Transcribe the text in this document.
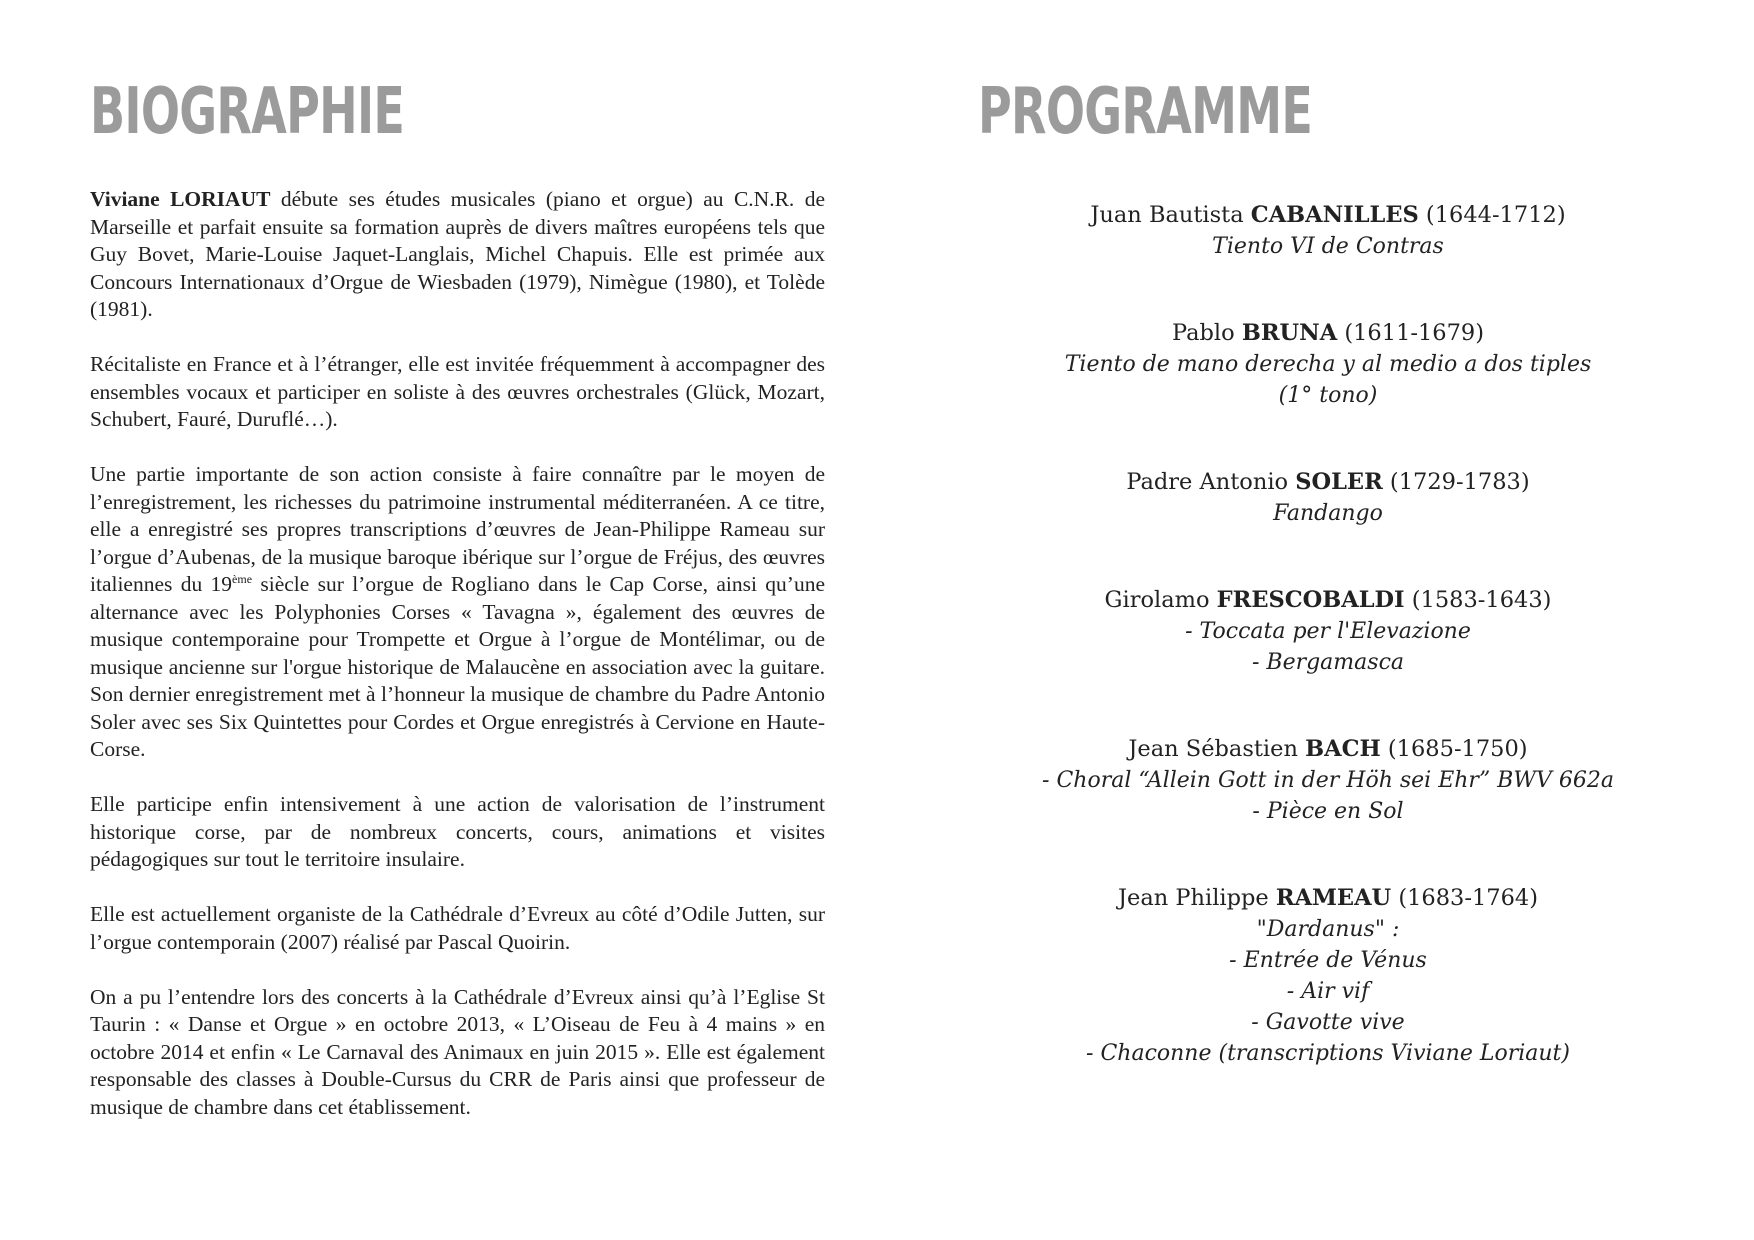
BIOGRAPHIE

Viviane LORIAUT débute ses études musicales (piano et orgue) au C.N.R. de Marseille et parfait ensuite sa formation auprès de divers maîtres européens tels que Guy Bovet, Marie-Louise Jaquet-Langlais, Michel Chapuis. Elle est primée aux Concours Internationaux d’Orgue de Wiesbaden (1979), Nimègue (1980), et Tolède (1981).

Récitaliste en France et à l’étranger, elle est invitée fréquemment à accompagner des ensembles vocaux et participer en soliste à des œuvres orchestrales (Glück, Mozart, Schubert, Fauré, Duruflé…).

Une partie importante de son action consiste à faire connaître par le moyen de l’enregistrement, les richesses du patrimoine instrumental méditerranéen. A ce titre, elle a enregistré ses propres transcriptions d’œuvres de Jean-Philippe Rameau sur l’orgue d’Aubenas, de la musique baroque ibérique sur l’orgue de Fréjus, des œuvres italiennes du 19ème siècle sur l’orgue de Rogliano dans le Cap Corse, ainsi qu’une alternance avec les Polyphonies Corses « Tavagna », également des œuvres de musique contemporaine pour Trompette et Orgue à l’orgue de Montélimar, ou de musique ancienne sur l'orgue historique de Malaucène en association avec la guitare. Son dernier enregistrement met à l’honneur la musique de chambre du Padre Antonio Soler avec ses Six Quintettes pour Cordes et Orgue enregistrés à Cervione en Haute-Corse.

Elle participe enfin intensivement à une action de valorisation de l’instrument historique corse, par de nombreux concerts, cours, animations et visites pédagogiques sur tout le territoire insulaire.

Elle est actuellement organiste de la Cathédrale d’Evreux au côté d’Odile Jutten, sur l’orgue contemporain (2007) réalisé par Pascal Quoirin.

On a pu l’entendre lors des concerts à la Cathédrale d’Evreux ainsi qu’à l’Eglise St Taurin : « Danse et Orgue » en octobre 2013, « L’Oiseau de Feu à 4 mains » en octobre 2014 et enfin « Le Carnaval des Animaux en juin 2015 ». Elle est également responsable des classes à Double-Cursus du CRR de Paris ainsi que professeur de musique de chambre dans cet établissement.

PROGRAMME
Juan Bautista CABANILLES (1644-1712)
Tiento VI de Contras
Pablo BRUNA (1611-1679)
Tiento de mano derecha y al medio a dos tiples
(1° tono)
Padre Antonio SOLER (1729-1783)
Fandango
Girolamo FRESCOBALDI (1583-1643)
- Toccata per l'Elevazione
- Bergamasca
Jean Sébastien BACH (1685-1750)
- Choral “Allein Gott in der Höh sei Ehr” BWV 662a
- Pièce en Sol
Jean Philippe RAMEAU (1683-1764)
"Dardanus" :
- Entrée de Vénus
- Air vif
- Gavotte vive
- Chaconne (transcriptions Viviane Loriaut)
